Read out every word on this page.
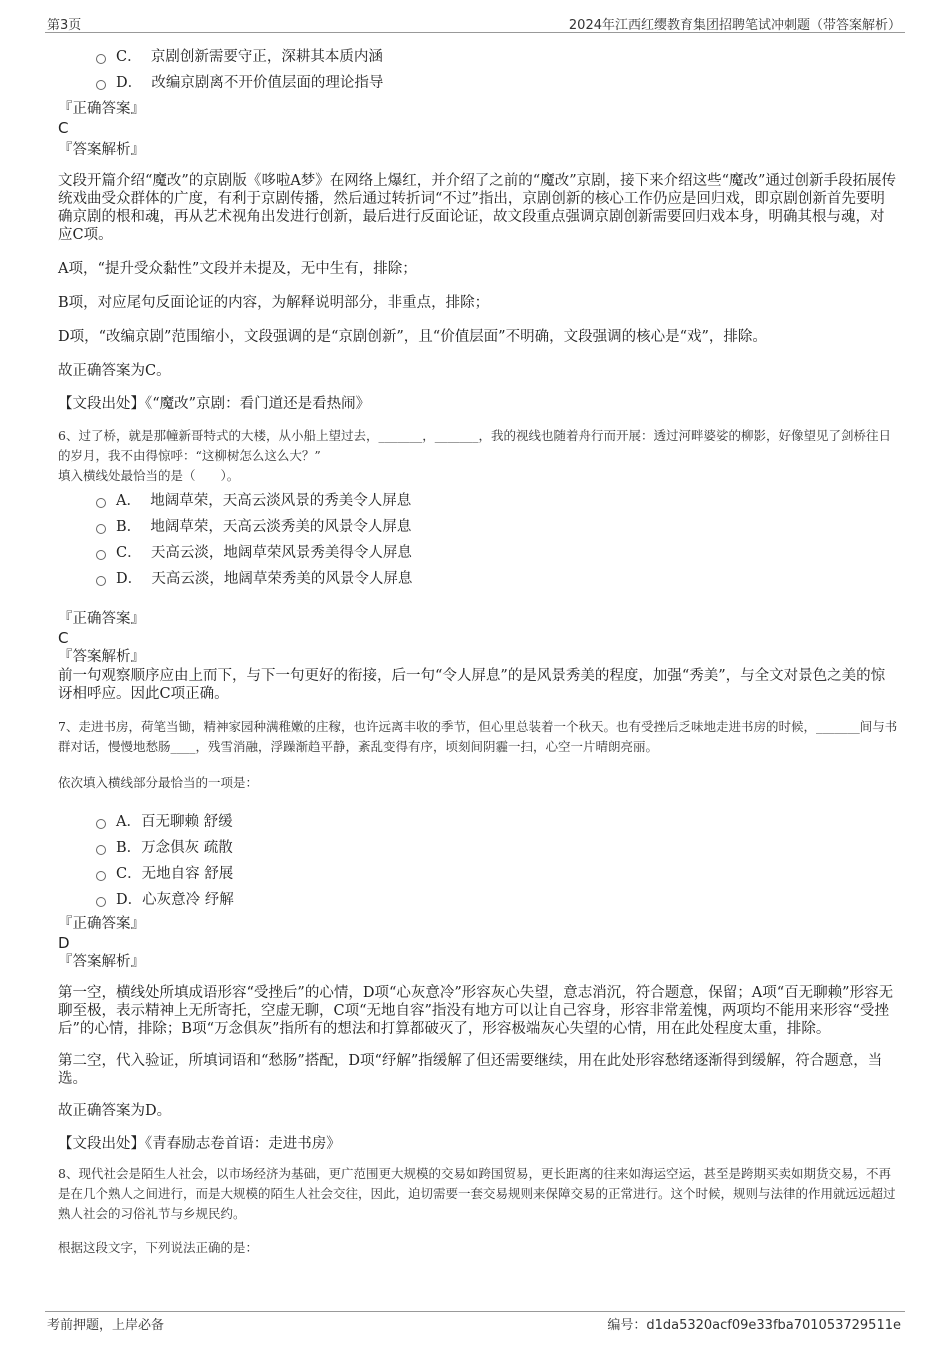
第3页	2024年江西红缨教育集团招聘笔试冲刺题（带答案解析）
C． 京剧创新需要守正，深耕其本质内涵
D． 改编京剧离不开价值层面的理论指导
『正确答案』
C
『答案解析』
文段开篇介绍“魔改”的京剧版《哆啦A梦》在网络上爆红，并介绍了之前的“魔改”京剧，接下来介绍这些“魔改”通过创新手段拓展传统戏曲受众群体的广度，有利于京剧传播，然后通过转折词“不过”指出，京剧创新的核心工作仍应是回归戏，即京剧创新首先要明确京剧的根和魂，再从艺术视角出发进行创新，最后进行反面论证，故文段重点强调京剧创新需要回归戏本身，明确其根与魂，对应C项。
A项，“提升受众黏性”文段并未提及，无中生有，排除；
B项，对应尾句反面论证的内容，为解释说明部分，非重点，排除；
D项，“改编京剧”范围缩小，文段强调的是“京剧创新”，且“价值层面”不明确，文段强调的核心是“戏”，排除。
故正确答案为C。
【文段出处】《“魔改”京剧：看门道还是看热闹》
6、过了桥，就是那幢新哥特式的大楼，从小船上望过去，_______，_______，我的视线也随着舟行而开展：透过河畔婆娑的柳影，好像望见了剑桥往日的岁月，我不由得惊呼：“这柳树怎么这么大？”
填入横线处最恰当的是（　　）。
A． 地阔草荣，天高云淡风景的秀美令人屏息
B． 地阔草荣，天高云淡秀美的风景令人屏息
C． 天高云淡，地阔草荣风景秀美得令人屏息
D． 天高云淡，地阔草荣秀美的风景令人屏息
『正确答案』
C
『答案解析』
前一句观察顺序应由上而下，与下一句更好的衔接，后一句“令人屏息”的是风景秀美的程度，加强“秀美”，与全文对景色之美的惊讶相呼应。因此C项正确。
7、走进书房，荷笔当锄，精神家园种满稚嫩的庄稼，也许远离丰收的季节，但心里总装着一个秋天。也有受挫后乏味地走进书房的时候，_______间与书群对话，慢慢地愁肠____，残雪消融，浮躁渐趋平静，紊乱变得有序，顷刻间阴霾一扫，心空一片晴朗亮丽。
依次填入横线部分最恰当的一项是：
A．百无聊赖 舒缓
B．万念俱灰 疏散
C．无地自容 舒展
D．心灰意冷 纾解
『正确答案』
D
『答案解析』
第一空，横线处所填成语形容“受挫后”的心情，D项“心灰意冷”形容灰心失望，意志消沉，符合题意，保留；A项“百无聊赖”形容无聊至极，表示精神上无所寄托，空虚无聊，C项“无地自容”指没有地方可以让自己容身，形容非常羞愧，两项均不能用来形容“受挫后”的心情，排除；B项“万念俱灰”指所有的想法和打算都破灭了，形容极端灰心失望的心情，用在此处程度太重，排除。
第二空，代入验证，所填词语和“愁肠”搭配，D项“纾解”指缓解了但还需要继续，用在此处形容愁绪逐渐得到缓解，符合题意，当选。
故正确答案为D。
【文段出处】《青春励志卷首语：走进书房》
8、现代社会是陌生人社会，以市场经济为基础，更广范围更大规模的交易如跨国贸易，更长距离的往来如海运空运，甚至是跨期买卖如期货交易，不再是在几个熟人之间进行，而是大规模的陌生人社会交往，因此，迫切需要一套交易规则来保障交易的正常进行。这个时候，规则与法律的作用就远远超过熟人社会的习俗礼节与乡规民约。
根据这段文字，下列说法正确的是：
考前押题，上岸必备	编号：d1da5320acf09e33fba701053729511e
